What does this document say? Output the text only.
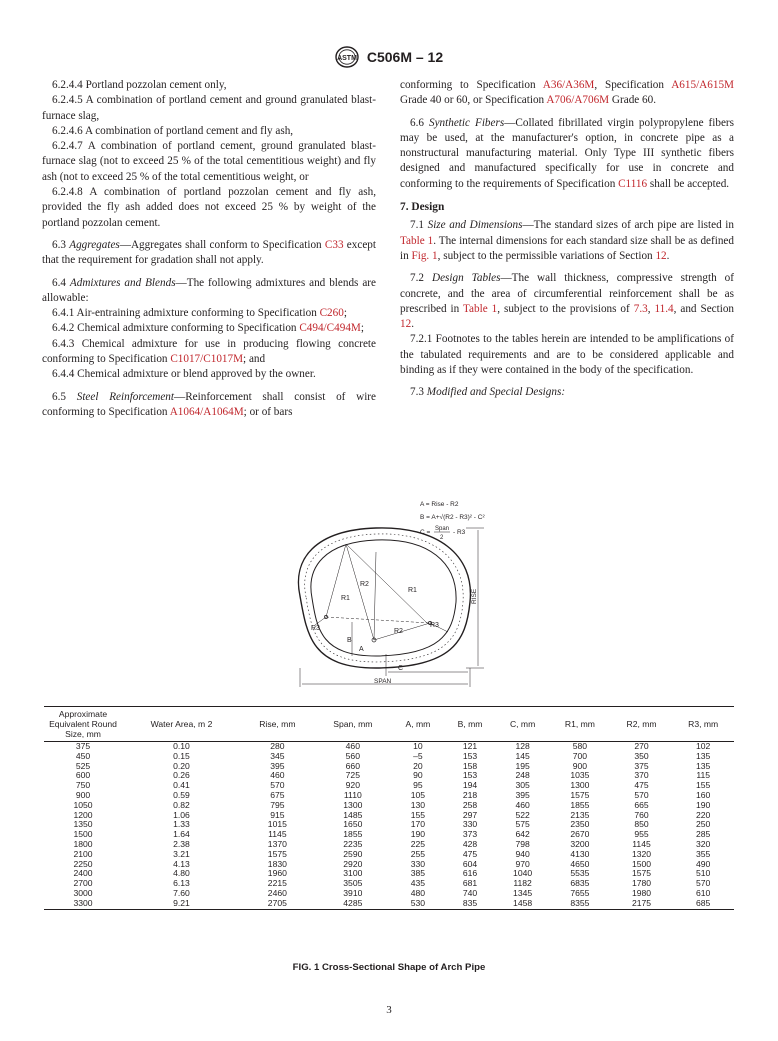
ASTM C506M – 12

6.2.4.4 Portland pozzolan cement only,

6.2.4.5 A combination of portland cement and ground granulated blast-furnace slag,

6.2.4.6 A combination of portland cement and fly ash,

6.2.4.7 A combination of portland cement, ground granulated blast-furnace slag (not to exceed 25 % of the total cementitious weight) and fly ash (not to exceed 25 % of the total cementitious weight, or

6.2.4.8 A combination of portland pozzolan cement and fly ash, provided the fly ash added does not exceed 25 % by weight of the portland pozzolan cement.

6.3 Aggregates—Aggregates shall conform to Specification C33 except that the requirement for gradation shall not apply.

6.4 Admixtures and Blends—The following admixtures and blends are allowable:

6.4.1 Air-entraining admixture conforming to Specification C260;

6.4.2 Chemical admixture conforming to Specification C494/C494M;

6.4.3 Chemical admixture for use in producing flowing concrete conforming to Specification C1017/C1017M; and

6.4.4 Chemical admixture or blend approved by the owner.

6.5 Steel Reinforcement—Reinforcement shall consist of wire conforming to Specification A1064/A1064M; or of bars

conforming to Specification A36/A36M, Specification A615/A615M Grade 40 or 60, or Specification A706/A706M Grade 60.

6.6 Synthetic Fibers—Collated fibrillated virgin polypropylene fibers may be used, at the manufacturer's option, in concrete pipe as a nonstructural manufacturing material. Only Type III synthetic fibers designed and manufactured specifically for use in concrete and conforming to the requirements of Specification C1116 shall be accepted.

7. Design

7.1 Size and Dimensions—The standard sizes of arch pipe are listed in Table 1. The internal dimensions for each standard size shall be as defined in Fig. 1, subject to the permissible variations of Section 12.

7.2 Design Tables—The wall thickness, compressive strength of concrete, and the area of circumferential reinforcement shall be as prescribed in Table 1, subject to the provisions of 7.3, 11.4, and Section 12.

7.2.1 Footnotes to the tables herein are intended to be amplifications of the tabulated requirements and are to be considered applicable and binding as if they were contained in the body of the specification.

7.3 Modified and Special Designs:

A = Rise - R2
B = A+√(R2 - R3)² - C²
C = Span
2
- R3
R1
R1
R2
R2
R3	R3
B
A
RISE
SPAN
C
Approximate Equivalent Round Size, mm	Water Area, m 2	Rise, mm	Span, mm	A, mm	B, mm	C, mm	R1, mm	R2, mm	R3, mm
375	0.10	280	460	10	121	128	580	270	102
450	0.15	345	560	–5	153	145	700	350	135
525	0.20	395	660	20	158	195	900	375	135
600	0.26	460	725	90	153	248	1035	370	115
750	0.41	570	920	95	194	305	1300	475	155
900	0.59	675	1110	105	218	395	1575	570	160
1050	0.82	795	1300	130	258	460	1855	665	190
1200	1.06	915	1485	155	297	522	2135	760	220
1350	1.33	1015	1650	170	330	575	2350	850	250
1500	1.64	1145	1855	190	373	642	2670	955	285
1800	2.38	1370	2235	225	428	798	3200	1145	320
2100	3.21	1575	2590	255	475	940	4130	1320	355
2250	4.13	1830	2920	330	604	970	4650	1500	490
2400	4.80	1960	3100	385	616	1040	5535	1575	510
2700	6.13	2215	3505	435	681	1182	6835	1780	570
3000	7.60	2460	3910	480	740	1345	7655	1980	610
3300	9.21	2705	4285	530	835	1458	8355	2175	685
FIG. 1 Cross-Sectional Shape of Arch Pipe
3
